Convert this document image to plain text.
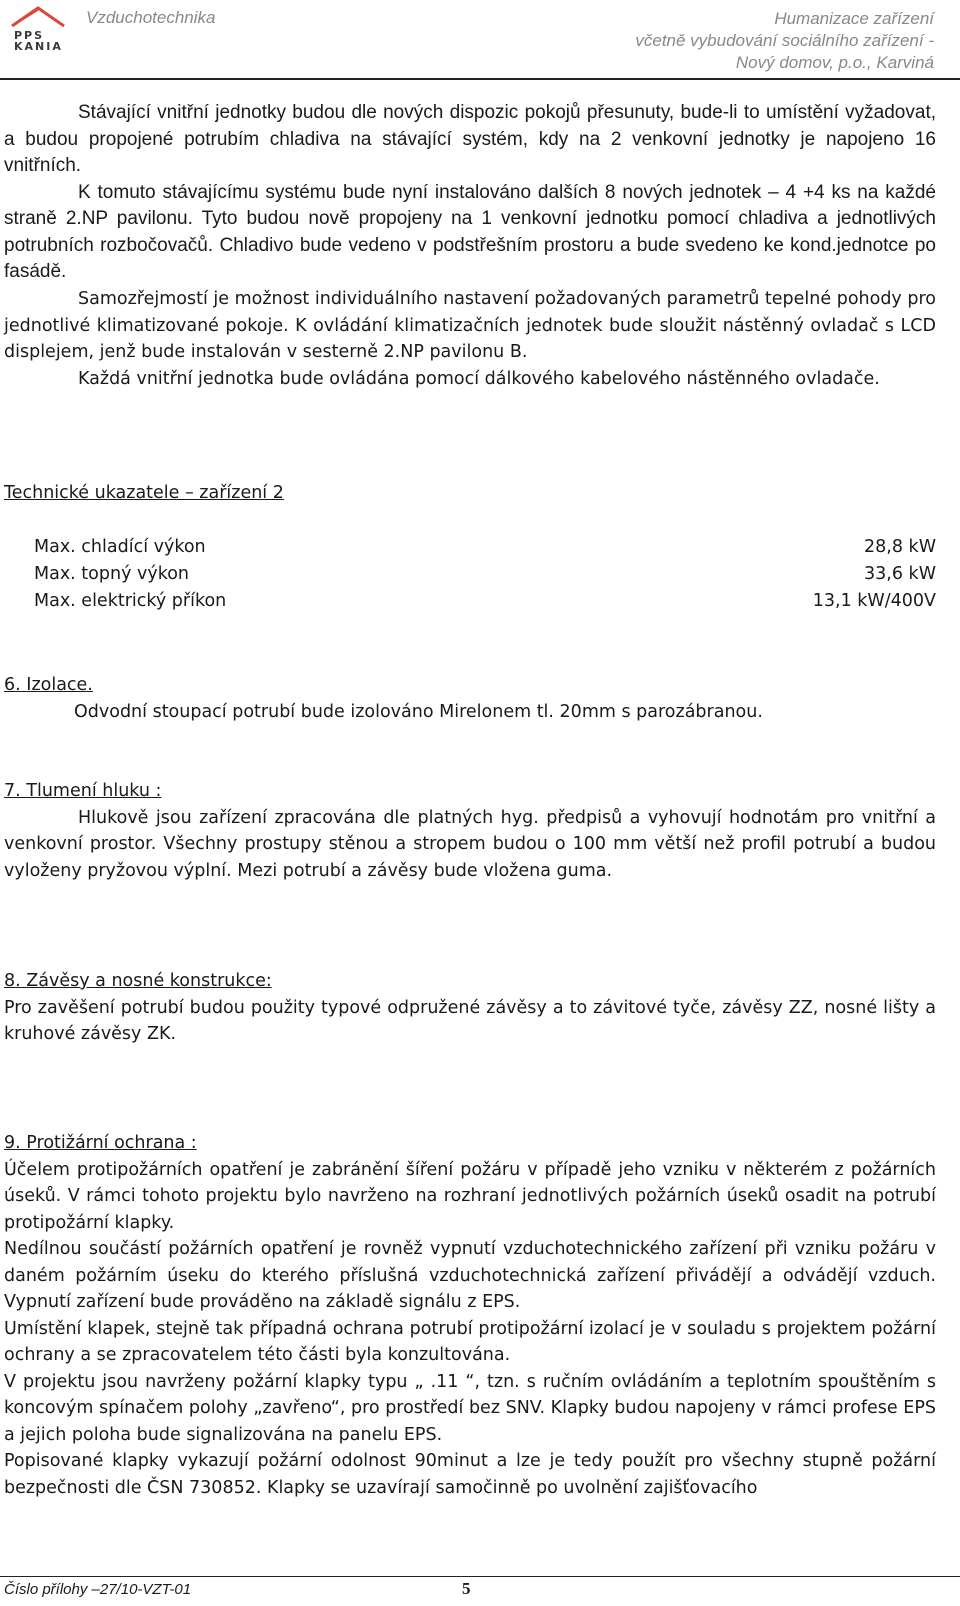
PPS KANIA
Vzduchotechnika	Humanizace zařízení
včetně vybudování sociálního zařízení -
Nový domov, p.o., Karviná

Stávající vnitřní jednotky budou dle nových dispozic pokojů přesunuty, bude-li to umístění vyžadovat, a budou propojené potrubím chladiva na stávající systém, kdy na 2 venkovní jednotky je napojeno 16 vnitřních.

K tomuto stávajícímu systému bude nyní instalováno dalších 8 nových jednotek – 4 +4 ks na každé straně 2.NP pavilonu. Tyto budou nově propojeny na 1 venkovní jednotku pomocí chladiva a jednotlivých potrubních rozbočovačů. Chladivo bude vedeno v podstřešním prostoru a bude svedeno ke kond.jednotce po fasádě.

Samozřejmostí je možnost individuálního nastavení požadovaných parametrů tepelné pohody pro jednotlivé klimatizované pokoje. K ovládání klimatizačních jednotek bude sloužit nástěnný ovladač s LCD displejem, jenž bude instalován v sesterně 2.NP pavilonu B.

Každá vnitřní jednotka bude ovládána pomocí dálkového kabelového nástěnného ovladače.

Technické ukazatele – zařízení 2
Max. chladící výkon	28,8 kW
Max. topný výkon	33,6 kW
Max. elektrický příkon	13,1 kW/400V
6. Izolace.

Odvodní stoupací potrubí bude izolováno Mirelonem tl. 20mm s parozábranou.

7. Tlumení hluku :

Hlukově jsou zařízení zpracována dle platných hyg. předpisů a vyhovují hodnotám pro vnitřní a venkovní prostor. Všechny prostupy stěnou a stropem budou o 100 mm větší než profil potrubí a budou vyloženy pryžovou výplní. Mezi potrubí a závěsy bude vložena guma.

8. Závěsy a nosné konstrukce:

Pro zavěšení potrubí budou použity typové odpružené závěsy a to závitové tyče, závěsy ZZ, nosné lišty a kruhové závěsy ZK.

9. Protižární ochrana :

Účelem protipožárních opatření je zabránění šíření požáru v případě jeho vzniku v některém z požárních úseků. V rámci tohoto projektu bylo navrženo na rozhraní jednotlivých požárních úseků osadit na potrubí protipožární klapky.

Nedílnou součástí požárních opatření je rovněž vypnutí vzduchotechnického zařízení při vzniku požáru v daném požárním úseku do kterého příslušná vzduchotechnická zařízení přivádějí a odvádějí vzduch. Vypnutí zařízení bude prováděno na základě signálu z EPS.

Umístění klapek, stejně tak případná ochrana potrubí protipožární izolací je v souladu s projektem požární ochrany a se zpracovatelem této části byla konzultována.

V projektu jsou navrženy požární klapky typu „ .11 “, tzn. s ručním ovládáním a teplotním spouštěním s koncovým spínačem polohy „zavřeno“, pro prostředí bez SNV. Klapky budou napojeny v rámci profese EPS a jejich poloha bude signalizována na panelu EPS.

Popisované klapky vykazují požární odolnost 90minut a lze je tedy použít pro všechny stupně požární bezpečnosti dle ČSN 730852. Klapky se uzavírají samočinně po uvolnění zajišťovacího

Číslo přílohy –27/10-VZT-01	5
